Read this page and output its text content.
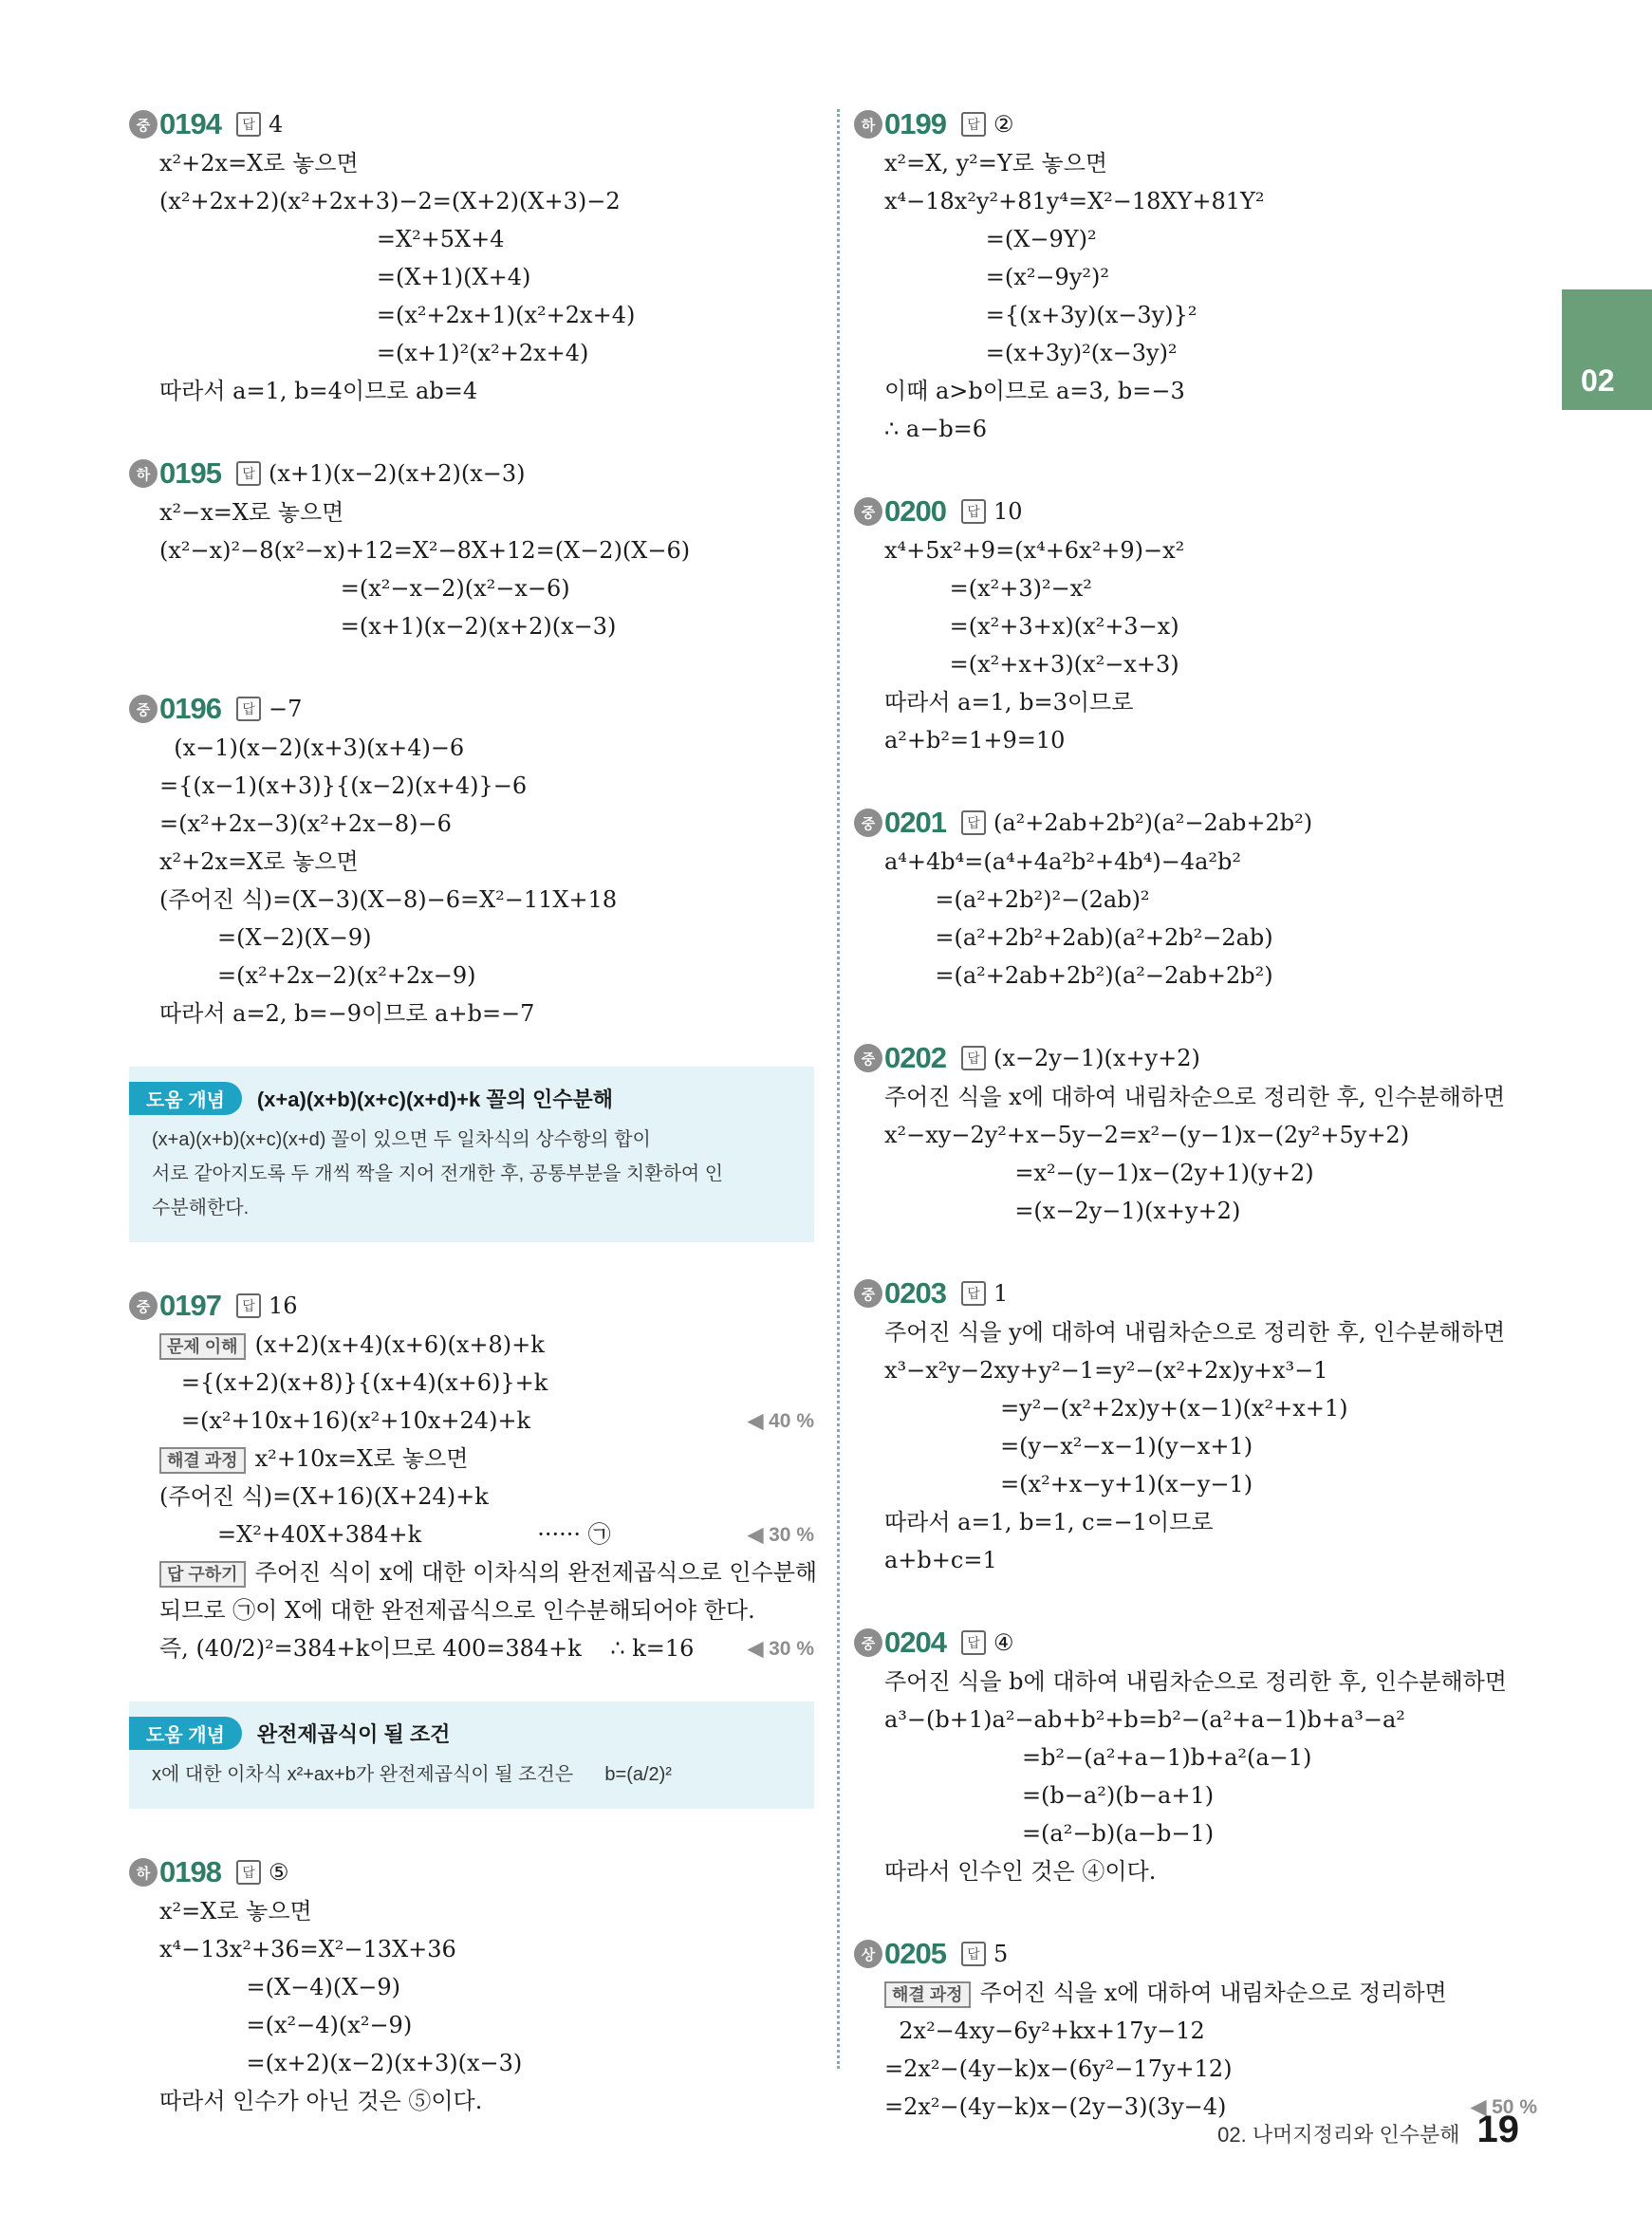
중 0194	답 4
x²+2x=X로 놓으면
(x²+2x+2)(x²+2x+3)−2=(X+2)(X+3)−2
=X²+5X+4
=(X+1)(X+4)
=(x²+2x+1)(x²+2x+4)
=(x+1)²(x²+2x+4)
따라서 a=1, b=4이므로 ab=4
하 0195	답 (x+1)(x−2)(x+2)(x−3)
x²−x=X로 놓으면
(x²−x)²−8(x²−x)+12=X²−8X+12=(X−2)(X−6)
=(x²−x−2)(x²−x−6)
=(x+1)(x−2)(x+2)(x−3)
중 0196	답 −7
(x−1)(x−2)(x+3)(x+4)−6
={(x−1)(x+3)}{(x−2)(x+4)}−6
=(x²+2x−3)(x²+2x−8)−6
x²+2x=X로 놓으면
(주어진 식)=(X−3)(X−8)−6=X²−11X+18
=(X−2)(X−9)
=(x²+2x−2)(x²+2x−9)
따라서 a=2, b=−9이므로 a+b=−7
도움 개념	(x+a)(x+b)(x+c)(x+d)+k 꼴의 인수분해
(x+a)(x+b)(x+c)(x+d) 꼴이 있으면 두 일차식의 상수항의 합이
서로 같아지도록 두 개씩 짝을 지어 전개한 후, 공통부분을 치환하여 인
수분해한다.
중 0197	답 16
문제 이해 (x+2)(x+4)(x+6)(x+8)+k
={(x+2)(x+8)}{(x+4)(x+6)}+k
=(x²+10x+16)(x²+10x+24)+k	◀ 40 %
해결 과정 x²+10x=X로 놓으면
(주어진 식)=(X+16)(X+24)+k
=X²+40X+384+k                ······ ㉠	◀ 30 %
답 구하기 주어진 식이 x에 대한 이차식의 완전제곱식으로 인수분해
되므로 ㉠이 X에 대한 완전제곱식으로 인수분해되어야 한다.
즉, (40/2)²=384+k이므로 400=384+k    ∴ k=16	◀ 30 %
도움 개념	완전제곱식이 될 조건
x에 대한 이차식 x²+ax+b가 완전제곱식이 될 조건은      b=(a/2)²
하 0198	답 ⑤
x²=X로 놓으면
x⁴−13x²+36=X²−13X+36
=(X−4)(X−9)
=(x²−4)(x²−9)
=(x+2)(x−2)(x+3)(x−3)
따라서 인수가 아닌 것은 ⑤이다.
하 0199	답 ②
x²=X, y²=Y로 놓으면
x⁴−18x²y²+81y⁴=X²−18XY+81Y²
=(X−9Y)²
=(x²−9y²)²
={(x+3y)(x−3y)}²
=(x+3y)²(x−3y)²
이때 a>b이므로 a=3, b=−3
∴ a−b=6
중 0200	답 10
x⁴+5x²+9=(x⁴+6x²+9)−x²
=(x²+3)²−x²
=(x²+3+x)(x²+3−x)
=(x²+x+3)(x²−x+3)
따라서 a=1, b=3이므로
a²+b²=1+9=10
중 0201	답 (a²+2ab+2b²)(a²−2ab+2b²)
a⁴+4b⁴=(a⁴+4a²b²+4b⁴)−4a²b²
=(a²+2b²)²−(2ab)²
=(a²+2b²+2ab)(a²+2b²−2ab)
=(a²+2ab+2b²)(a²−2ab+2b²)
중 0202	답 (x−2y−1)(x+y+2)
주어진 식을 x에 대하여 내림차순으로 정리한 후, 인수분해하면
x²−xy−2y²+x−5y−2=x²−(y−1)x−(2y²+5y+2)
=x²−(y−1)x−(2y+1)(y+2)
=(x−2y−1)(x+y+2)
중 0203	답 1
주어진 식을 y에 대하여 내림차순으로 정리한 후, 인수분해하면
x³−x²y−2xy+y²−1=y²−(x²+2x)y+x³−1
=y²−(x²+2x)y+(x−1)(x²+x+1)
=(y−x²−x−1)(y−x+1)
=(x²+x−y+1)(x−y−1)
따라서 a=1, b=1, c=−1이므로
a+b+c=1
중 0204	답 ④
주어진 식을 b에 대하여 내림차순으로 정리한 후, 인수분해하면
a³−(b+1)a²−ab+b²+b=b²−(a²+a−1)b+a³−a²
=b²−(a²+a−1)b+a²(a−1)
=(b−a²)(b−a+1)
=(a²−b)(a−b−1)
따라서 인수인 것은 ④이다.
상 0205	답 5
해결 과정 주어진 식을 x에 대하여 내림차순으로 정리하면
2x²−4xy−6y²+kx+17y−12
=2x²−(4y−k)x−(6y²−17y+12)
=2x²−(4y−k)x−(2y−3)(3y−4)	◀ 50 %
02
02. 나머지정리와 인수분해 19
